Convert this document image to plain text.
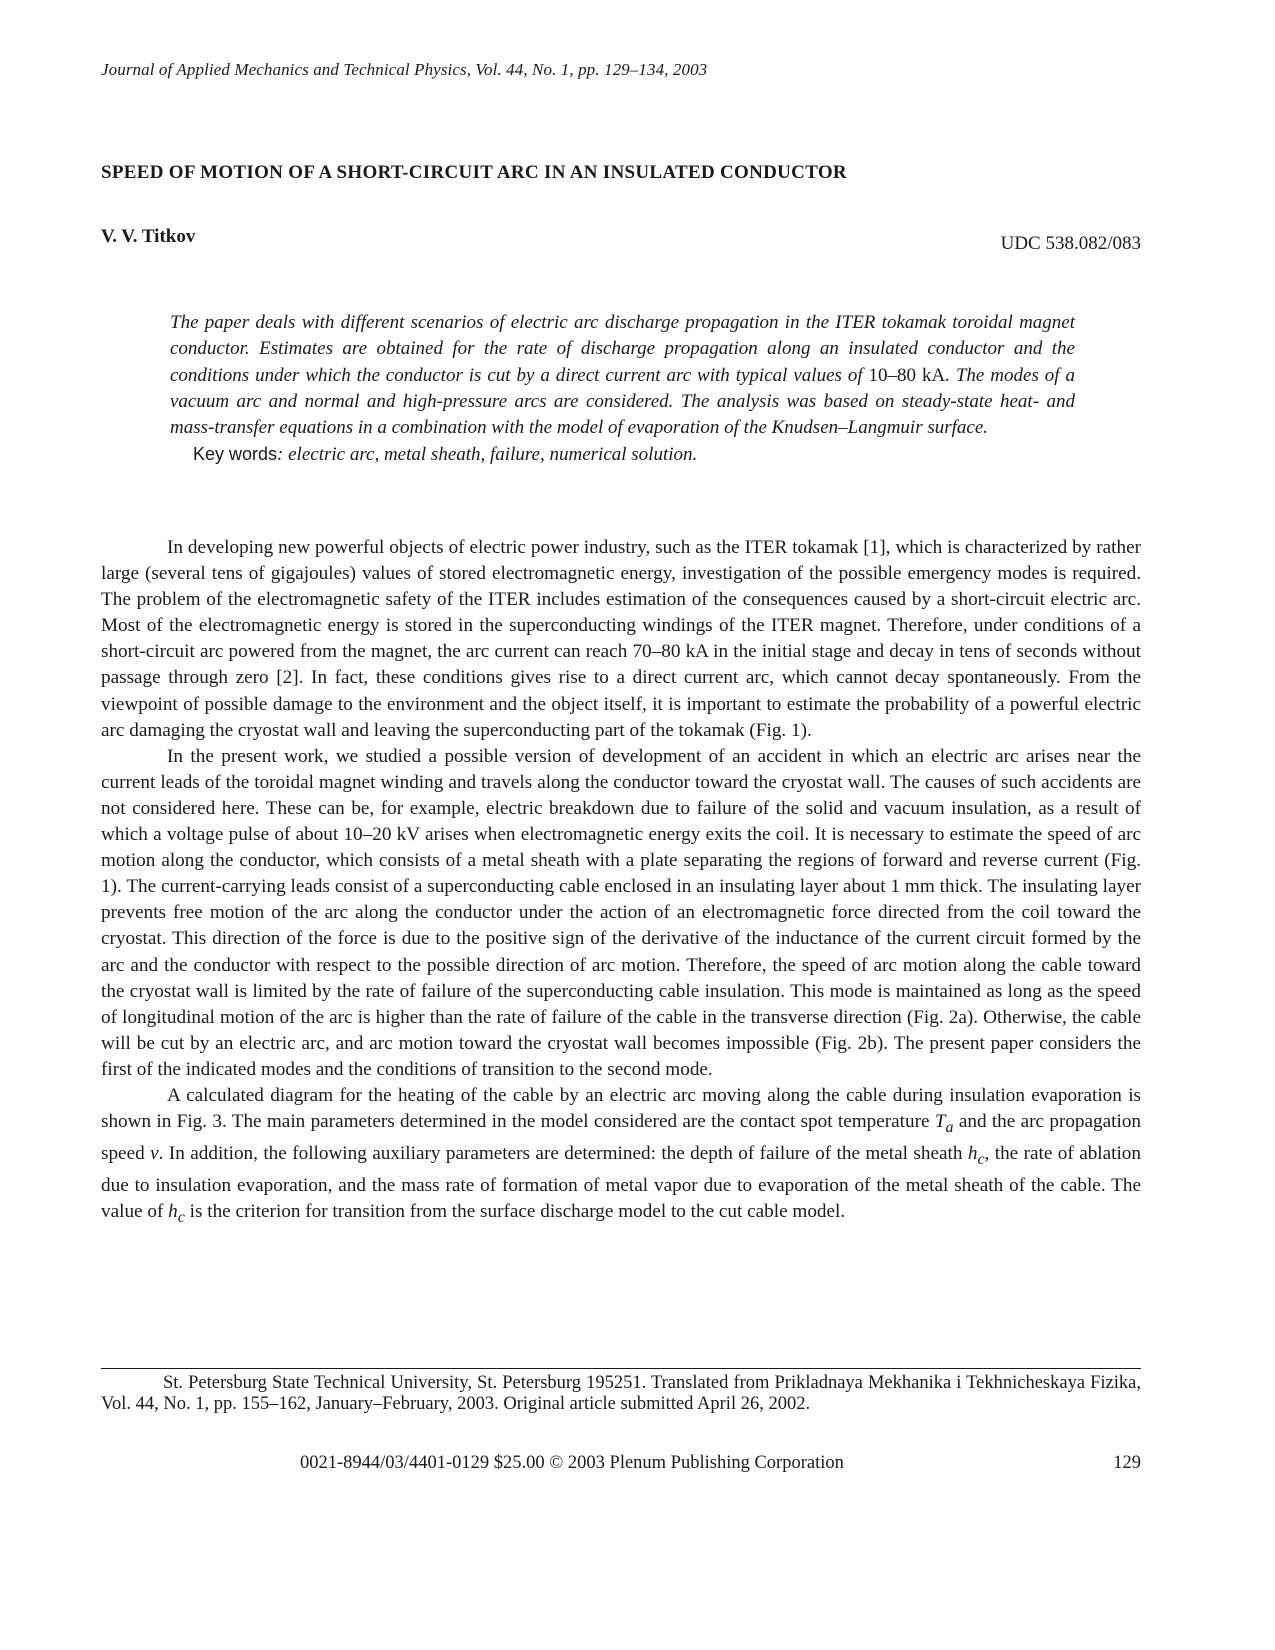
Journal of Applied Mechanics and Technical Physics, Vol. 44, No. 1, pp. 129–134, 2003
SPEED OF MOTION OF A SHORT-CIRCUIT ARC IN AN INSULATED CONDUCTOR
V. V. Titkov	UDC 538.082/083

The paper deals with different scenarios of electric arc discharge propagation in the ITER tokamak toroidal magnet conductor. Estimates are obtained for the rate of discharge propagation along an insulated conductor and the conditions under which the conductor is cut by a direct current arc with typical values of 10–80 kA. The modes of a vacuum arc and normal and high-pressure arcs are considered. The analysis was based on steady-state heat- and mass-transfer equations in a combination with the model of evaporation of the Knudsen–Langmuir surface.

Key words: electric arc, metal sheath, failure, numerical solution.

In developing new powerful objects of electric power industry, such as the ITER tokamak [1], which is characterized by rather large (several tens of gigajoules) values of stored electromagnetic energy, investigation of the possible emergency modes is required. The problem of the electromagnetic safety of the ITER includes estimation of the consequences caused by a short-circuit electric arc. Most of the electromagnetic energy is stored in the superconducting windings of the ITER magnet. Therefore, under conditions of a short-circuit arc powered from the magnet, the arc current can reach 70–80 kA in the initial stage and decay in tens of seconds without passage through zero [2]. In fact, these conditions gives rise to a direct current arc, which cannot decay spontaneously. From the viewpoint of possible damage to the environment and the object itself, it is important to estimate the probability of a powerful electric arc damaging the cryostat wall and leaving the superconducting part of the tokamak (Fig. 1).

In the present work, we studied a possible version of development of an accident in which an electric arc arises near the current leads of the toroidal magnet winding and travels along the conductor toward the cryostat wall. The causes of such accidents are not considered here. These can be, for example, electric breakdown due to failure of the solid and vacuum insulation, as a result of which a voltage pulse of about 10–20 kV arises when electromagnetic energy exits the coil. It is necessary to estimate the speed of arc motion along the conductor, which consists of a metal sheath with a plate separating the regions of forward and reverse current (Fig. 1). The current-carrying leads consist of a superconducting cable enclosed in an insulating layer about 1 mm thick. The insulating layer prevents free motion of the arc along the conductor under the action of an electromagnetic force directed from the coil toward the cryostat. This direction of the force is due to the positive sign of the derivative of the inductance of the current circuit formed by the arc and the conductor with respect to the possible direction of arc motion. Therefore, the speed of arc motion along the cable toward the cryostat wall is limited by the rate of failure of the superconducting cable insulation. This mode is maintained as long as the speed of longitudinal motion of the arc is higher than the rate of failure of the cable in the transverse direction (Fig. 2a). Otherwise, the cable will be cut by an electric arc, and arc motion toward the cryostat wall becomes impossible (Fig. 2b). The present paper considers the first of the indicated modes and the conditions of transition to the second mode.

A calculated diagram for the heating of the cable by an electric arc moving along the cable during insulation evaporation is shown in Fig. 3. The main parameters determined in the model considered are the contact spot temperature $T_a$ and the arc propagation speed v. In addition, the following auxiliary parameters are determined: the depth of failure of the metal sheath $h_c$, the rate of ablation due to insulation evaporation, and the mass rate of formation of metal vapor due to evaporation of the metal sheath of the cable. The value of $h_c$ is the criterion for transition from the surface discharge model to the cut cable model.

St. Petersburg State Technical University, St. Petersburg 195251. Translated from Prikladnaya Mekhanika i Tekhnicheskaya Fizika, Vol. 44, No. 1, pp. 155–162, January–February, 2003. Original article submitted April 26, 2002.

0021-8944/03/4401-0129 $25.00 © 2003 Plenum Publishing Corporation	129
